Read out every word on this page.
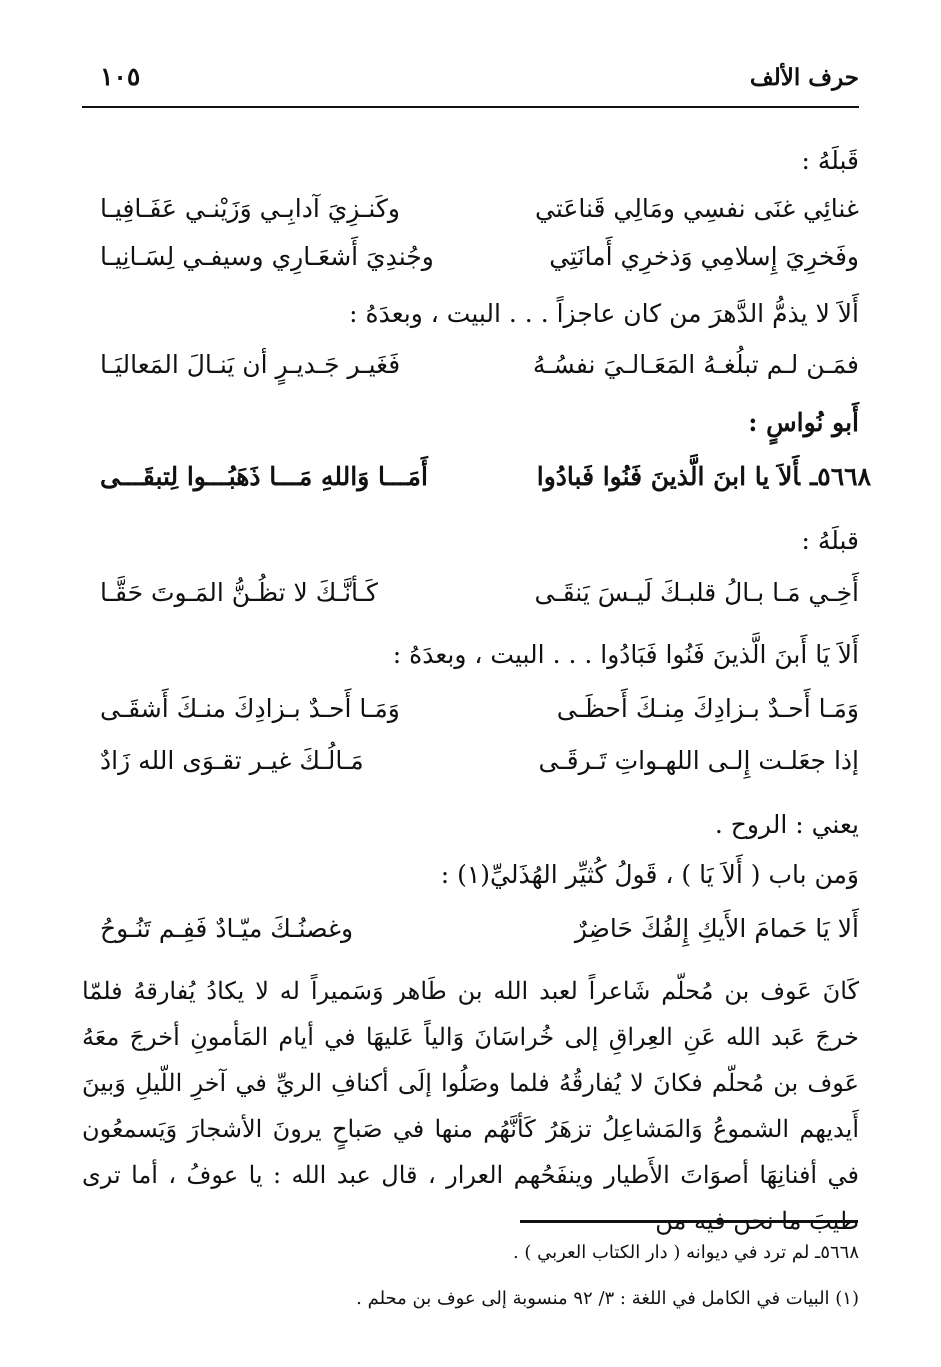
حرف الألف
١٠٥
قَبلَهُ :
غنائِي غنَى نفسِي ومَالِي قَناعَتي
وكَنـزِيَ آدابِـي وَزَيْنـي عَفَـافِيـا
وفَخرِيَ إِسلامِي وَذخرِي أَمانَتِي
وجُندِيَ أَشعَـارِي وسيفـي لِسَـانِيـا
أَلاَ لا يذمُّ الدَّهرَ من كان عاجزاً . . . البيت ، وبعدَهُ :
فمَـن لـم تبلُغـهُ المَعَـالـيَ نفسُـهُ
فَغَيـر جَـديـرٍ أن يَنـالَ المَعاليَـا
أَبو نُواسٍ :
٥٦٦٨ـأَلاَ يا ابنَ الَّذينَ فَنُوا فَبادُوا
أَمَـــا وَاللهِ مَـــا ذَهَبُـــوا لِتبقَـــى
قبلَهُ :
أَخِـي مَـا بـالُ قلبـكَ لَيـسَ يَنقَـى
كَـأنَّـكَ لا تظُـنُّ المَـوتَ حَقَّـا
أَلاَ يَا أَبنَ الَّذينَ فَنُوا فَبَادُوا . . . البيت ، وبعدَهُ :
وَمَـا أَحـدٌ بـزادِكَ مِنـكَ أَحظَـى
وَمَـا أَحـدٌ بـزادِكَ منـكَ أَشقَـى
إذا جعَلـت إِلـى اللهـواتِ تَـرقَـى
مَـالُـكَ غيـر تقـوَى الله زَادٌ
يعني : الروح .
وَمن باب ( أَلاَ يَا ) ، قَولُ كُثيِّر الهُذَليِّ(١) :
أَلا يَا حَمامَ الأَيكِ إِلفُكَ حَاضِرٌ
وغصنُـكَ ميّـادٌ فَفِـم تَنُـوحُ
كَانَ عَوف بن مُحلّم شَاعراً لعبد الله بن طَاهر وَسَميراً له لا يكادُ يُفارقهُ فلمّا خرجَ عَبد الله عَنِ العِراقِ إلى خُراسَانَ وَالياً عَليهَا في أيام المَأمونِ أخرجَ معَهُ عَوف بن مُحلّم فكانَ لا يُفارقُهُ فلما وصَلُوا إلَى أكنافِ الريِّ في آخرِ اللّيلِ وَبينَ أَيديهم الشموعُ وَالمَشاعِلُ تزهَرُ كَأنَّهُم منها في صَباحٍ يرونَ الأشجارَ وَيَسمعُون في أفنانِهَا أصوَاتَ الأَطيار وينفَحُهم العرار ، قال عبد الله : يا عوفُ ، أما ترى طيبَ ما نحن فيه من
٥٦٦٨ـ لم ترد في ديوانه ( دار الكتاب العربي ) .
(١) البيات في الكامل في اللغة : ٣/ ٩٢ منسوبة إلى عوف بن محلم .
